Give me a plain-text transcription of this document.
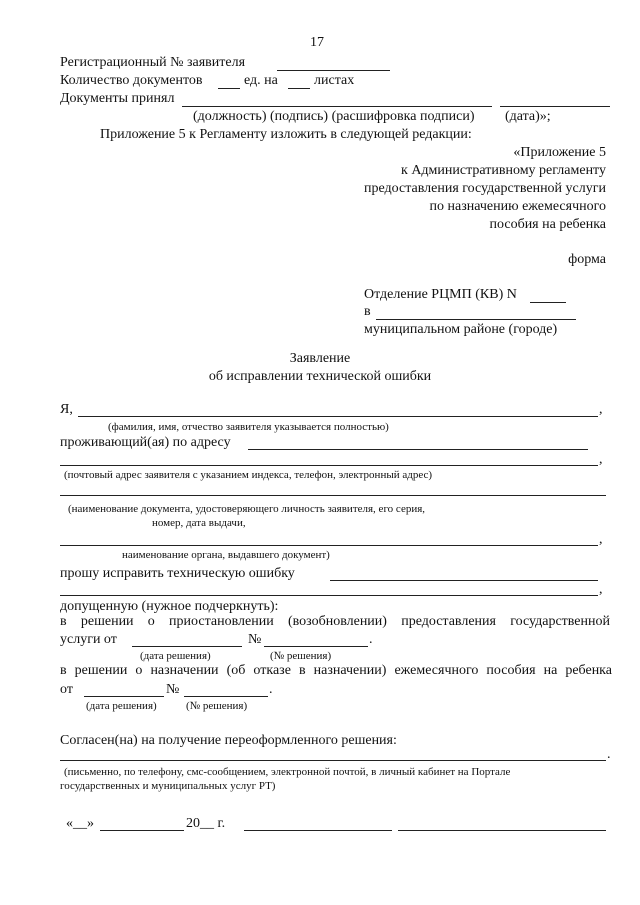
17
Регистрационный № заявителя
Количество документов	ед. на	листах
Документы принял
(должность) (подпись) (расшифровка подписи) (дата)»;
Приложение 5 к Регламенту изложить в следующей редакции:
«Приложение 5
к Административному регламенту
предоставления государственной услуги
по назначению ежемесячного
пособия на ребенка
форма
Отделение РЦМП (КВ) N
в
муниципальном районе (городе)
Заявление
об исправлении технической ошибки
Я,	,
(фамилия, имя, отчество заявителя указывается полностью)
проживающий(ая) по адресу
,
(почтовый адрес заявителя с указанием индекса, телефон, электронный адрес)
(наименование документа, удостоверяющего личность заявителя, его серия,
номер, дата выдачи,
,
наименование органа, выдавшего документ)
прошу исправить техническую ошибку
,
допущенную (нужное подчеркнуть):
в решении о приостановлении (возобновлении) предоставления государственной
услуги от	№	.
(дата решения)	(№ решения)
в решении о назначении (об отказе в назначении) ежемесячного пособия на ребенка
от	№	.
(дата решения)	(№ решения)
Согласен(на) на получение переоформленного решения:
.
(письменно, по телефону, смс-сообщением, электронной почтой, в личный кабинет на Портале
государственных и муниципальных услуг РТ)
«__»	20__ г.
